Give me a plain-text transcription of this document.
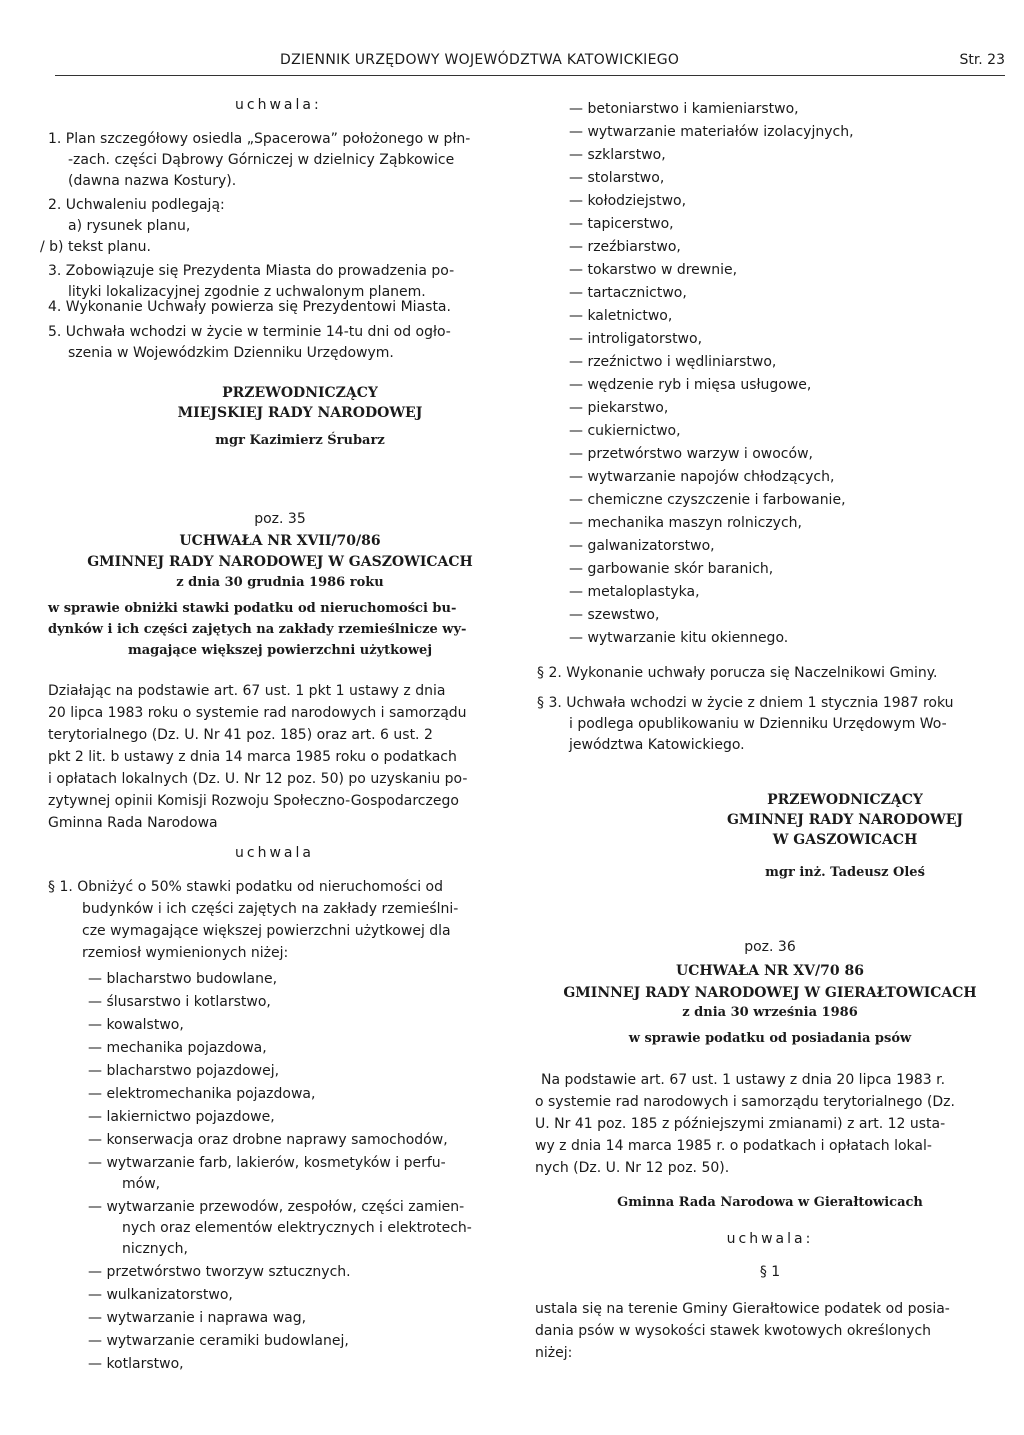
DZIENNIK URZĘDOWY WOJEWÓDZTWA KATOWICKIEGO	Str. 23
uchwala:
1. Plan szczegółowy osiedla „Spacerowa” położonego w płn-
-zach. części Dąbrowy Górniczej w dzielnicy Ząbkowice
(dawna nazwa Kostury).
2. Uchwaleniu podlegają:
a) rysunek planu,
/ b) tekst planu.
3. Zobowiązuje się Prezydenta Miasta do prowadzenia po-
lityki lokalizacyjnej zgodnie z uchwalonym planem.
4. Wykonanie Uchwały powierza się Prezydentowi Miasta.
5. Uchwała wchodzi w życie w terminie 14-tu dni od ogło-
szenia w Wojewódzkim Dzienniku Urzędowym.
PRZEWODNICZĄCY
MIEJSKIEJ RADY NARODOWEJ
mgr Kazimierz Śrubarz
poz. 35
UCHWAŁA NR XVII/70/86
GMINNEJ RADY NARODOWEJ W GASZOWICACH
z dnia 30 grudnia 1986 roku
w sprawie obniżki stawki podatku od nieruchomości bu-
dynków i ich części zajętych na zakłady rzemieślnicze wy-
magające większej powierzchni użytkowej
Działając na podstawie art. 67 ust. 1 pkt 1 ustawy z dnia
20 lipca 1983 roku o systemie rad narodowych i samorządu
terytorialnego (Dz. U. Nr 41 poz. 185) oraz art. 6 ust. 2
pkt 2 lit. b ustawy z dnia 14 marca 1985 roku o podatkach
i opłatach lokalnych (Dz. U. Nr 12 poz. 50) po uzyskaniu po-
zytywnej opinii Komisji Rozwoju Społeczno-Gospodarczego
Gminna Rada Narodowa
uchwala
§ 1. Obniżyć o 50% stawki podatku od nieruchomości od
budynków i ich części zajętych na zakłady rzemieślni-
cze wymagające większej powierzchni użytkowej dla
rzemiosł wymienionych niżej:
— blacharstwo budowlane,
— ślusarstwo i kotlarstwo,
— kowalstwo,
— mechanika pojazdowa,
— blacharstwo pojazdowej,
— elektromechanika pojazdowa,
— lakiernictwo pojazdowe,
— konserwacja oraz drobne naprawy samochodów,
— wytwarzanie farb, lakierów, kosmetyków i perfu-
mów,
— wytwarzanie przewodów, zespołów, części zamien-
nych oraz elementów elektrycznych i elektrotech-
nicznych,
— przetwórstwo tworzyw sztucznych.
— wulkanizatorstwo,
— wytwarzanie i naprawa wag,
— wytwarzanie ceramiki budowlanej,
— kotlarstwo,
— betoniarstwo i kamieniarstwo,
— wytwarzanie materiałów izolacyjnych,
— szklarstwo,
— stolarstwo,
— kołodziejstwo,
— tapicerstwo,
— rzeźbiarstwo,
— tokarstwo w drewnie,
— tartacznictwo,
— kaletnictwo,
— introligatorstwo,
— rzeźnictwo i wędliniarstwo,
— wędzenie ryb i mięsa usługowe,
— piekarstwo,
— cukiernictwo,
— przetwórstwo warzyw i owoców,
— wytwarzanie napojów chłodzących,
— chemiczne czyszczenie i farbowanie,
— mechanika maszyn rolniczych,
— galwanizatorstwo,
— garbowanie skór baranich,
— metaloplastyka,
— szewstwo,
— wytwarzanie kitu okiennego.
§ 2. Wykonanie uchwały porucza się Naczelnikowi Gminy.
§ 3. Uchwała wchodzi w życie z dniem 1 stycznia 1987 roku
i podlega opublikowaniu w Dzienniku Urzędowym Wo-
jewództwa Katowickiego.
PRZEWODNICZĄCY
GMINNEJ RADY NARODOWEJ
W GASZOWICACH
mgr inż. Tadeusz Oleś
poz. 36
UCHWAŁA NR XV/70 86
GMINNEJ RADY NARODOWEJ W GIERAŁTOWICACH
z dnia 30 września 1986
w sprawie podatku od posiadania psów
Na podstawie art. 67 ust. 1 ustawy z dnia 20 lipca 1983 r.
o systemie rad narodowych i samorządu terytorialnego (Dz.
U. Nr 41 poz. 185 z późniejszymi zmianami) z art. 12 usta-
wy z dnia 14 marca 1985 r. o podatkach i opłatach lokal-
nych (Dz. U. Nr 12 poz. 50).
Gminna Rada Narodowa w Gierałtowicach
uchwala:
§ 1
ustala się na terenie Gminy Gierałtowice podatek od posia-
dania psów w wysokości stawek kwotowych określonych
niżej:
